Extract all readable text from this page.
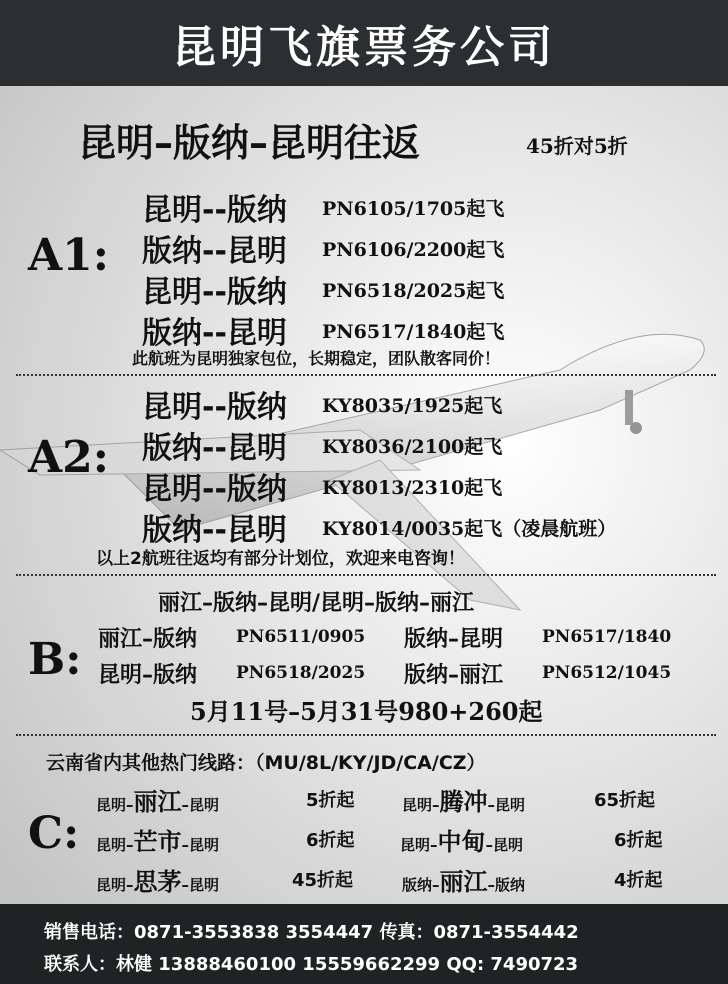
昆明飞旗票务公司
昆明–版纳–昆明往返	45折对5折
A1:
昆明--版纳 PN6105/1705起飞
版纳--昆明 PN6106/2200起飞
昆明--版纳 PN6518/2025起飞
版纳--昆明 PN6517/1840起飞
此航班为昆明独家包位，长期稳定，团队散客同价！
A2:
昆明--版纳 KY8035/1925起飞
版纳--昆明 KY8036/2100起飞
昆明--版纳 KY8013/2310起飞
版纳--昆明 KY8014/0035起飞（凌晨航班）
以上2航班往返均有部分计划位，欢迎来电咨询！
丽江–版纳–昆明/昆明–版纳–丽江
B: 丽江–版纳 PN6511/0905 版纳–昆明 PN6517/1840
昆明–版纳 PN6518/2025 版纳–丽江 PN6512/1045
5月11号–5月31号980+260起
云南省内其他热门线路：（MU/8L/KY/JD/CA/CZ）
C:
昆明–丽江–昆明	5折起	昆明–腾冲–昆明	65折起
昆明–芒市–昆明	6折起	昆明–中甸–昆明	6折起
昆明–思茅–昆明	45折起	版纳–丽江–版纳	4折起
销售电话：0871-3553838 3554447 传真：0871-3554442
联系人：林健 13888460100 15559662299 QQ: 7490723
